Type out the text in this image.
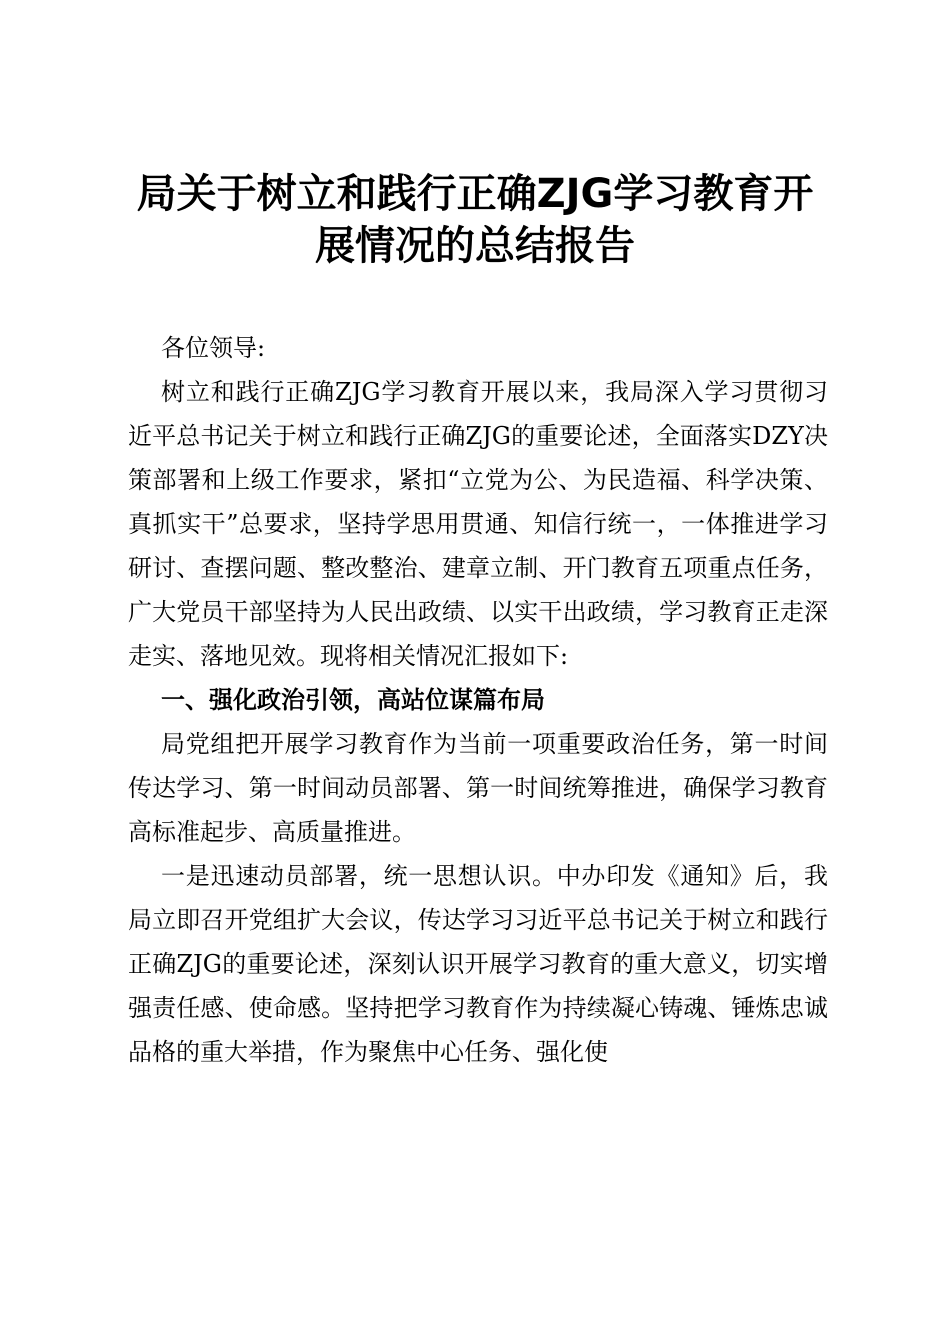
局关于树立和践行正确ZJG学习教育开
展情况的总结报告

各位领导:

树立和践行正确ZJG学习教育开展以来，我局深入学习贯彻习近平总书记关于树立和践行正确ZJG的重要论述，全面落实DZY决策部署和上级工作要求，紧扣“立党为公、为民造福、科学决策、真抓实干”总要求，坚持学思用贯通、知信行统一，一体推进学习研讨、查摆问题、整改整治、建章立制、开门教育五项重点任务，广大党员干部坚持为人民出政绩、以实干出政绩，学习教育正走深走实、落地见效。现将相关情况汇报如下:

一、强化政治引领，高站位谋篇布局

局党组把开展学习教育作为当前一项重要政治任务，第一时间传达学习、第一时间动员部署、第一时间统筹推进，确保学习教育高标准起步、高质量推进。

一是迅速动员部署，统一思想认识。中办印发《通知》后，我局立即召开党组扩大会议，传达学习习近平总书记关于树立和践行正确ZJG的重要论述，深刻认识开展学习教育的重大意义，切实增强责任感、使命感。坚持把学习教育作为持续凝心铸魂、锤炼忠诚品格的重大举措，作为聚焦中心任务、强化使
